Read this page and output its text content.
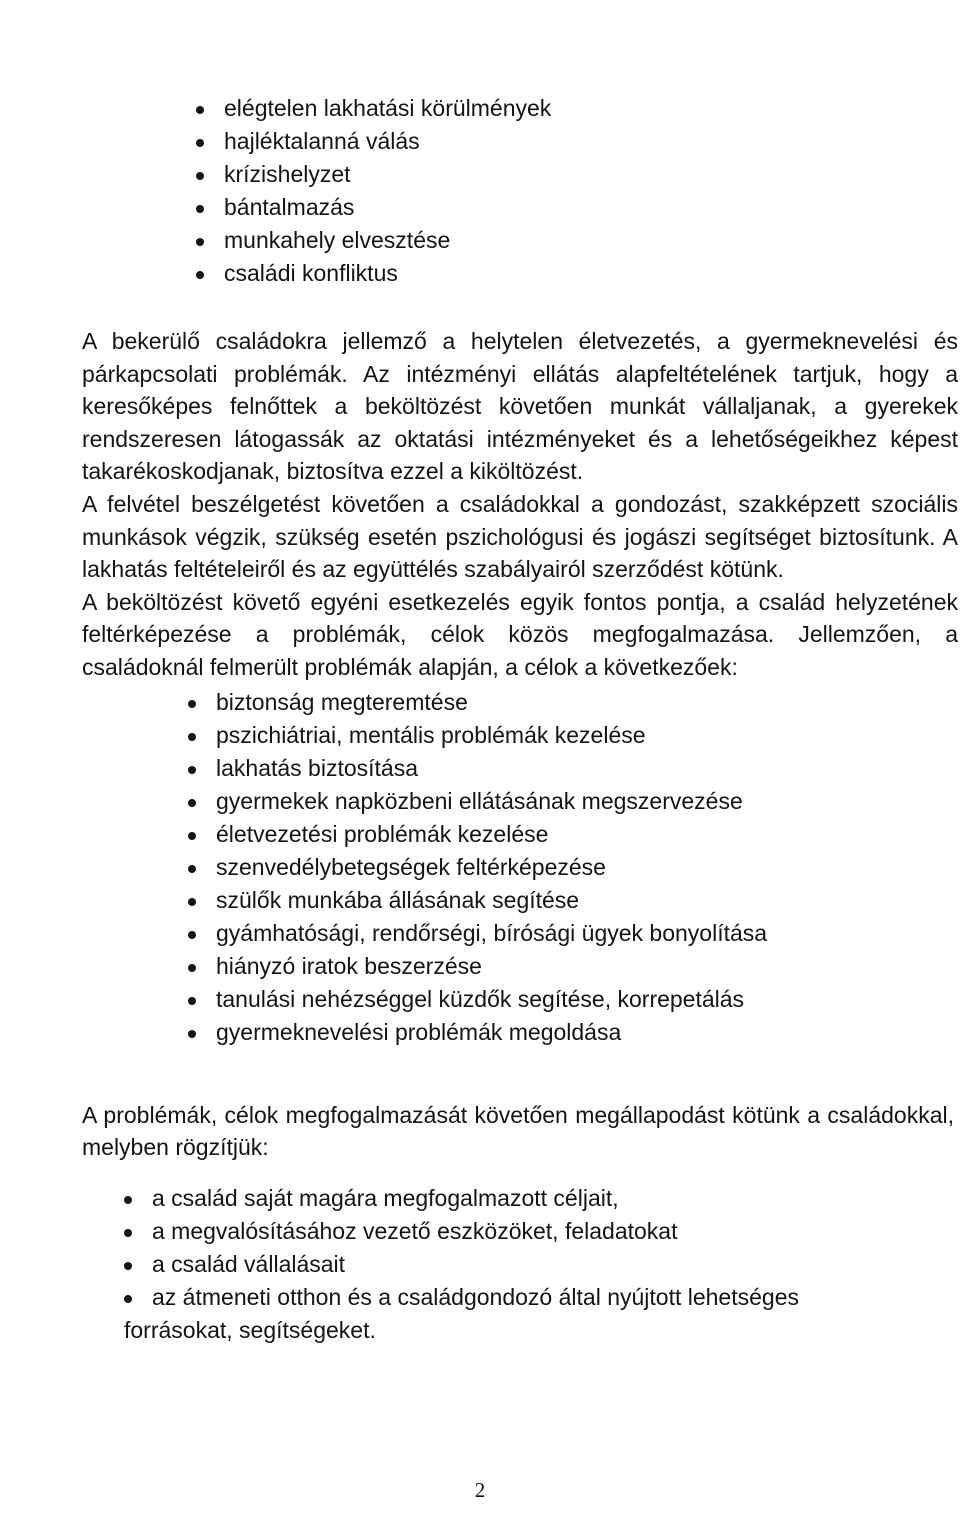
elégtelen lakhatási körülmények
hajléktalanná válás
krízishelyzet
bántalmazás
munkahely elvesztése
családi konfliktus

A bekerülő családokra jellemző a helytelen életvezetés, a gyermeknevelési és párkapcsolati problémák. Az intézményi ellátás alapfeltételének tartjuk, hogy a keresőképes felnőttek a beköltözést követően munkát vállaljanak, a gyerekek rendszeresen látogassák az oktatási intézményeket és a lehetőségeikhez képest takarékoskodjanak, biztosítva ezzel a kiköltözést.

A felvétel beszélgetést követően a családokkal a gondozást, szakképzett szociális munkások végzik, szükség esetén pszichológusi és jogászi segítséget biztosítunk. A lakhatás feltételeiről és az együttélés szabályairól szerződést kötünk.

A beköltözést követő egyéni esetkezelés egyik fontos pontja, a család helyzetének feltérképezése a problémák, célok közös megfogalmazása. Jellemzően, a családoknál felmerült problémák alapján, a célok a következőek:

biztonság megteremtése
pszichiátriai, mentális problémák kezelése
lakhatás biztosítása
gyermekek napközbeni ellátásának megszervezése
életvezetési problémák kezelése
szenvedélybetegségek feltérképezése
szülők munkába állásának segítése
gyámhatósági, rendőrségi, bírósági ügyek bonyolítása
hiányzó iratok beszerzése
tanulási nehézséggel küzdők segítése, korrepetálás
gyermeknevelési problémák megoldása

A problémák, célok megfogalmazását követően megállapodást kötünk a családokkal, melyben rögzítjük:

a család saját magára megfogalmazott céljait,
a megvalósításához vezető eszközöket, feladatokat
a család vállalásait
az átmeneti otthon és a családgondozó által nyújtott lehetséges
forrásokat, segítségeket.
2
